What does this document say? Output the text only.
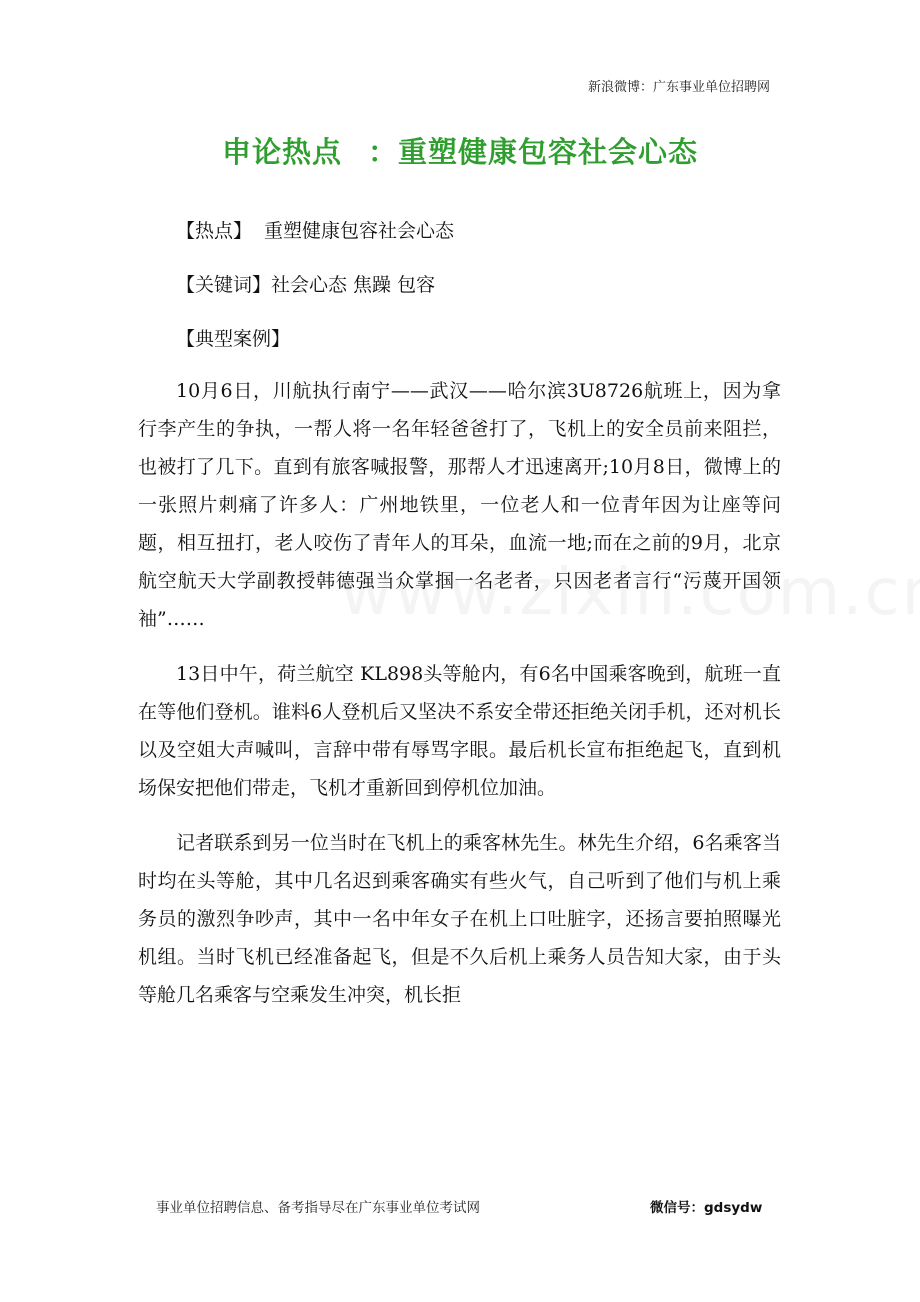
新浪微博：广东事业单位招聘网
申论热点 ：重塑健康包容社会心态
【热点】 重塑健康包容社会心态
【关键词】社会心态 焦躁 包容
【典型案例】

10月6日，川航执行南宁——武汉——哈尔滨3U8726航班上，因为拿行李产生的争执，一帮人将一名年轻爸爸打了，飞机上的安全员前来阻拦，也被打了几下。直到有旅客喊报警，那帮人才迅速离开;10月8日，微博上的一张照片刺痛了许多人：广州地铁里，一位老人和一位青年因为让座等问题，相互扭打，老人咬伤了青年人的耳朵，血流一地;而在之前的9月，北京航空航天大学副教授韩德强当众掌掴一名老者，只因老者言行“污蔑开国领袖”……

13日中午，荷兰航空 KL898头等舱内，有6名中国乘客晚到，航班一直在等他们登机。谁料6人登机后又坚决不系安全带还拒绝关闭手机，还对机长以及空姐大声喊叫，言辞中带有辱骂字眼。最后机长宣布拒绝起飞，直到机场保安把他们带走，飞机才重新回到停机位加油。

记者联系到另一位当时在飞机上的乘客林先生。林先生介绍，6名乘客当时均在头等舱，其中几名迟到乘客确实有些火气，自己听到了他们与机上乘务员的激烈争吵声，其中一名中年女子在机上口吐脏字，还扬言要拍照曝光机组。当时飞机已经准备起飞，但是不久后机上乘务人员告知大家，由于头等舱几名乘客与空乘发生冲突，机长拒

事业单位招聘信息、备考指导尽在广东事业单位考试网	微信号：gdsydw
